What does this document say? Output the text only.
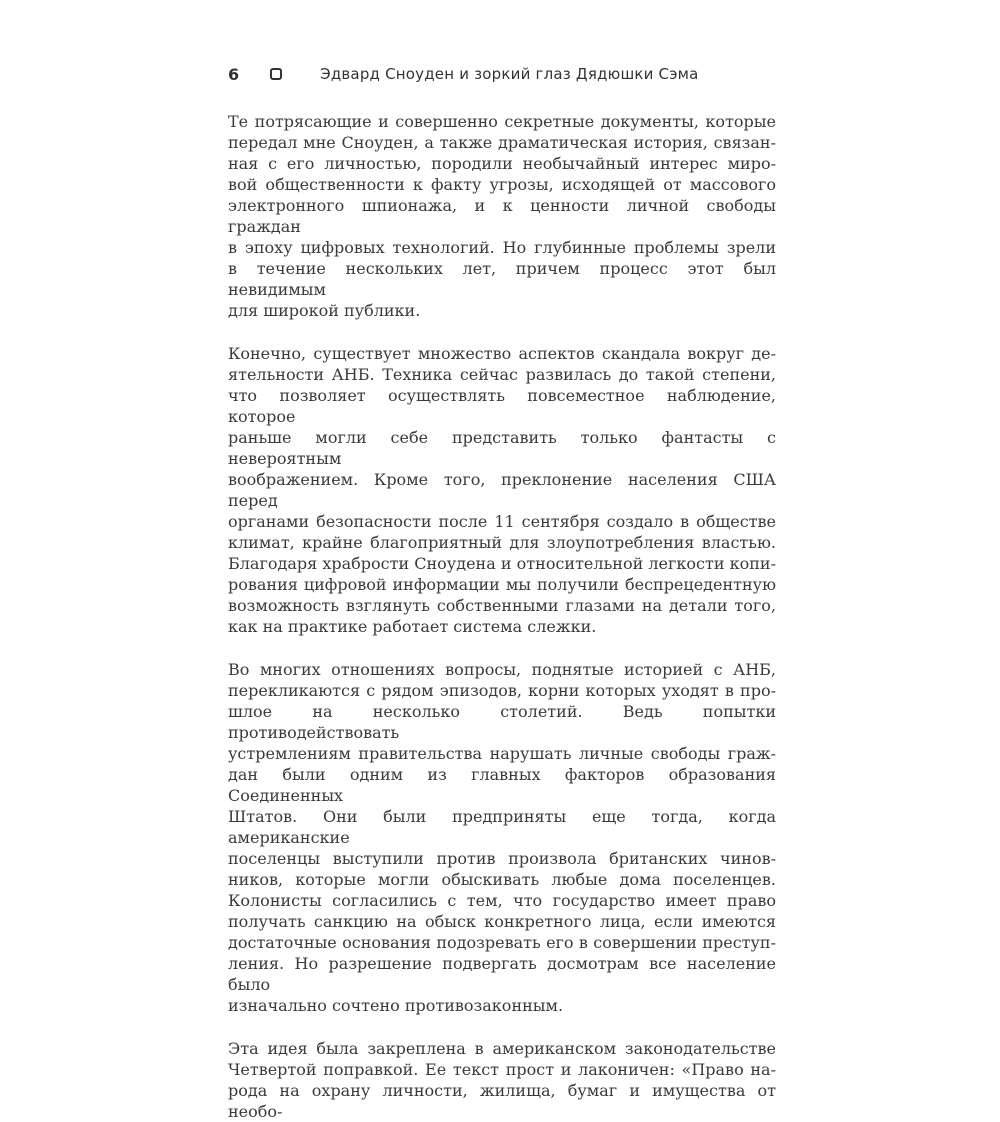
6	Эдвард Сноуден и зоркий глаз Дядюшки Сэма
Те потрясающие и совершенно секретные документы, которые
передал мне Сноуден, а также драматическая история, связан-
ная с его личностью, породили необычайный интерес миро-
вой общественности к факту угрозы, исходящей от массового
электронного шпионажа, и к ценности личной свободы граждан
в эпоху цифровых технологий. Но глубинные проблемы зрели
в течение нескольких лет, причем процесс этот был невидимым
для широкой публики.
Конечно, существует множество аспектов скандала вокруг де-
ятельности АНБ. Техника сейчас развилась до такой степени,
что позволяет осуществлять повсеместное наблюдение, которое
раньше могли себе представить только фантасты с невероятным
воображением. Кроме того, преклонение населения США перед
органами безопасности после 11 сентября создало в обществе
климат, крайне благоприятный для злоупотребления властью.
Благодаря храбрости Сноудена и относительной легкости копи-
рования цифровой информации мы получили беспрецедентную
возможность взглянуть собственными глазами на детали того,
как на практике работает система слежки.
Во многих отношениях вопросы, поднятые историей с АНБ,
перекликаются с рядом эпизодов, корни которых уходят в про-
шлое на несколько столетий. Ведь попытки противодействовать
устремлениям правительства нарушать личные свободы граж-
дан были одним из главных факторов образования Соединенных
Штатов. Они были предприняты еще тогда, когда американские
поселенцы выступили против произвола британских чинов-
ников, которые могли обыскивать любые дома поселенцев.
Колонисты согласились с тем, что государство имеет право
получать санкцию на обыск конкретного лица, если имеются
достаточные основания подозревать его в совершении преступ-
ления. Но разрешение подвергать досмотрам все население было
изначально сочтено противозаконным.
Эта идея была закреплена в американском законодательстве
Четвертой поправкой. Ее текст прост и лаконичен: «Право на-
рода на охрану личности, жилища, бумаг и имущества от необо-
